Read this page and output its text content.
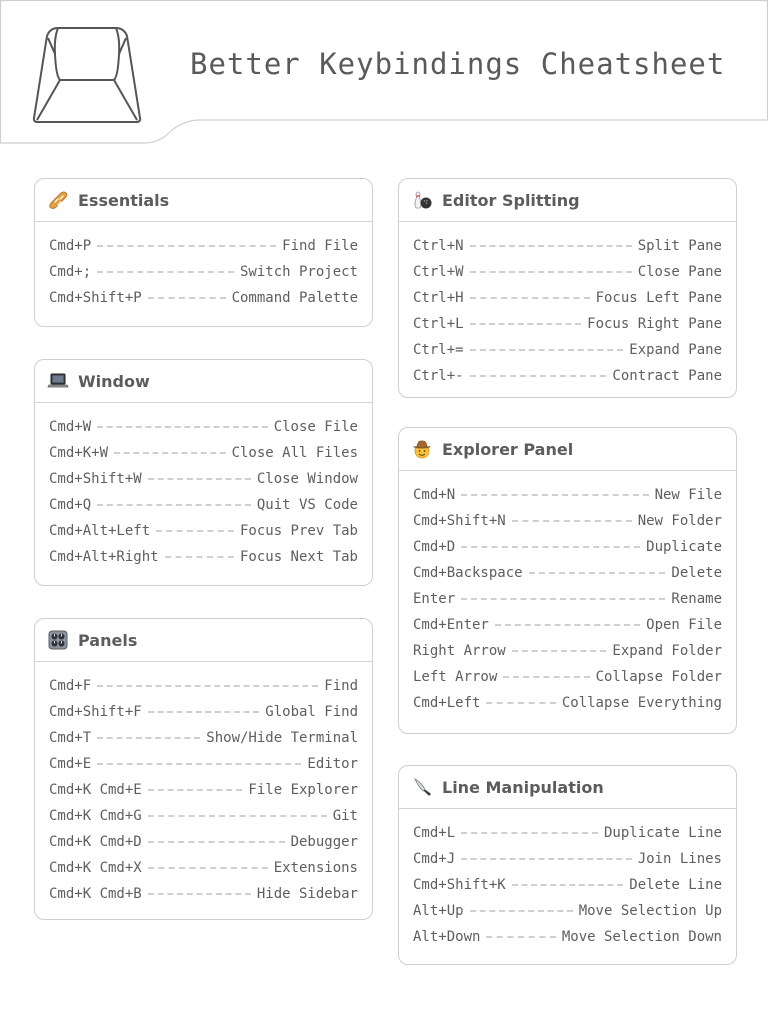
Better Keybindings Cheatsheet
Essentials
Cmd+P	Find File
Cmd+;	Switch Project
Cmd+Shift+P	Command Palette
Window
Cmd+W	Close File
Cmd+K+W	Close All Files
Cmd+Shift+W	Close Window
Cmd+Q	Quit VS Code
Cmd+Alt+Left	Focus Prev Tab
Cmd+Alt+Right	Focus Next Tab
Panels
Cmd+F	Find
Cmd+Shift+F	Global Find
Cmd+T	Show/Hide Terminal
Cmd+E	Editor
Cmd+K Cmd+E	File Explorer
Cmd+K Cmd+G	Git
Cmd+K Cmd+D	Debugger
Cmd+K Cmd+X	Extensions
Cmd+K Cmd+B	Hide Sidebar
Editor Splitting
Ctrl+N	Split Pane
Ctrl+W	Close Pane
Ctrl+H	Focus Left Pane
Ctrl+L	Focus Right Pane
Ctrl+=	Expand Pane
Ctrl+-	Contract Pane
Explorer Panel
Cmd+N	New File
Cmd+Shift+N	New Folder
Cmd+D	Duplicate
Cmd+Backspace	Delete
Enter	Rename
Cmd+Enter	Open File
Right Arrow	Expand Folder
Left Arrow	Collapse Folder
Cmd+Left	Collapse Everything
Line Manipulation
Cmd+L	Duplicate Line
Cmd+J	Join Lines
Cmd+Shift+K	Delete Line
Alt+Up	Move Selection Up
Alt+Down	Move Selection Down
